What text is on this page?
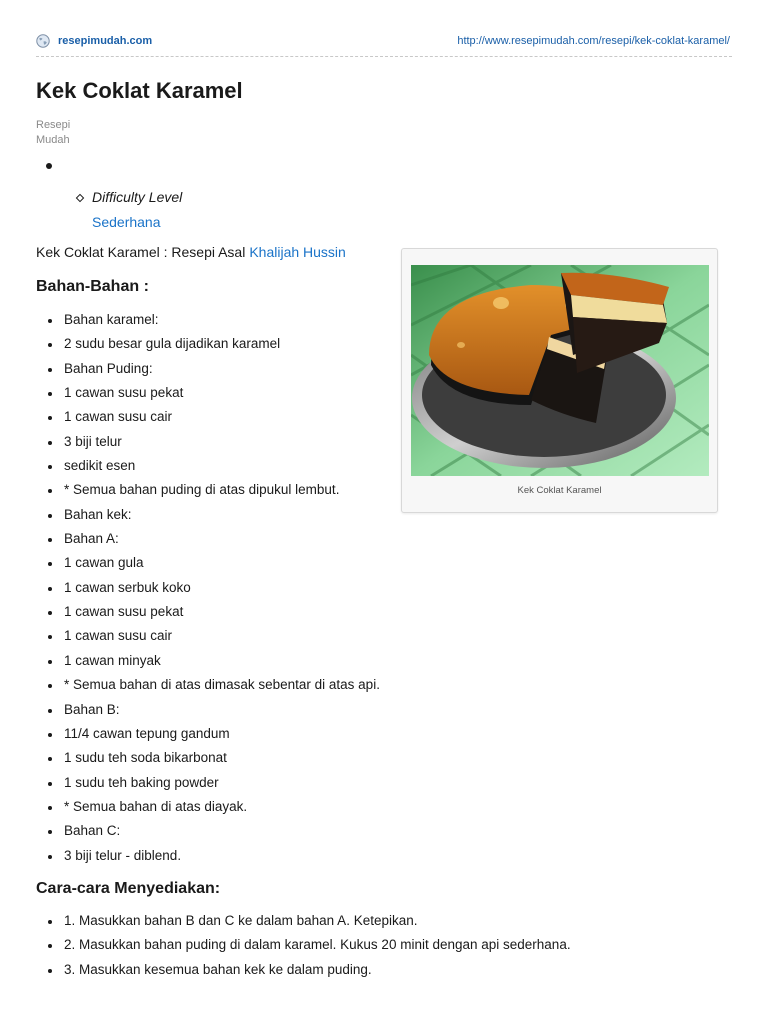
resepimudah.com	http://www.resepimudah.com/resepi/kek-coklat-karamel/
Kek Coklat Karamel
Resepi
Mudah
Difficulty Level
Sederhana
Kek Coklat Karamel : Resepi Asal Khalijah Hussin
Bahan-Bahan :
Bahan karamel:
2 sudu besar gula dijadikan karamel
Bahan Puding:
1 cawan susu pekat
1 cawan susu cair
3 biji telur
sedikit esen
* Semua bahan puding di atas dipukul lembut.
Bahan kek:
Bahan A:
1 cawan gula
1 cawan serbuk koko
1 cawan susu pekat
1 cawan susu cair
1 cawan minyak
* Semua bahan di atas dimasak sebentar di atas api.
Bahan B:
11/4 cawan tepung gandum
1 sudu teh soda bikarbonat
1 sudu teh baking powder
* Semua bahan di atas diayak.
Bahan C:
3 biji telur - diblend.
Kek Coklat Karamel
Cara-cara Menyediakan:
1. Masukkan bahan B dan C ke dalam bahan A. Ketepikan.
2. Masukkan bahan puding di dalam karamel. Kukus 20 minit dengan api sederhana.
3. Masukkan kesemua bahan kek ke dalam puding.
